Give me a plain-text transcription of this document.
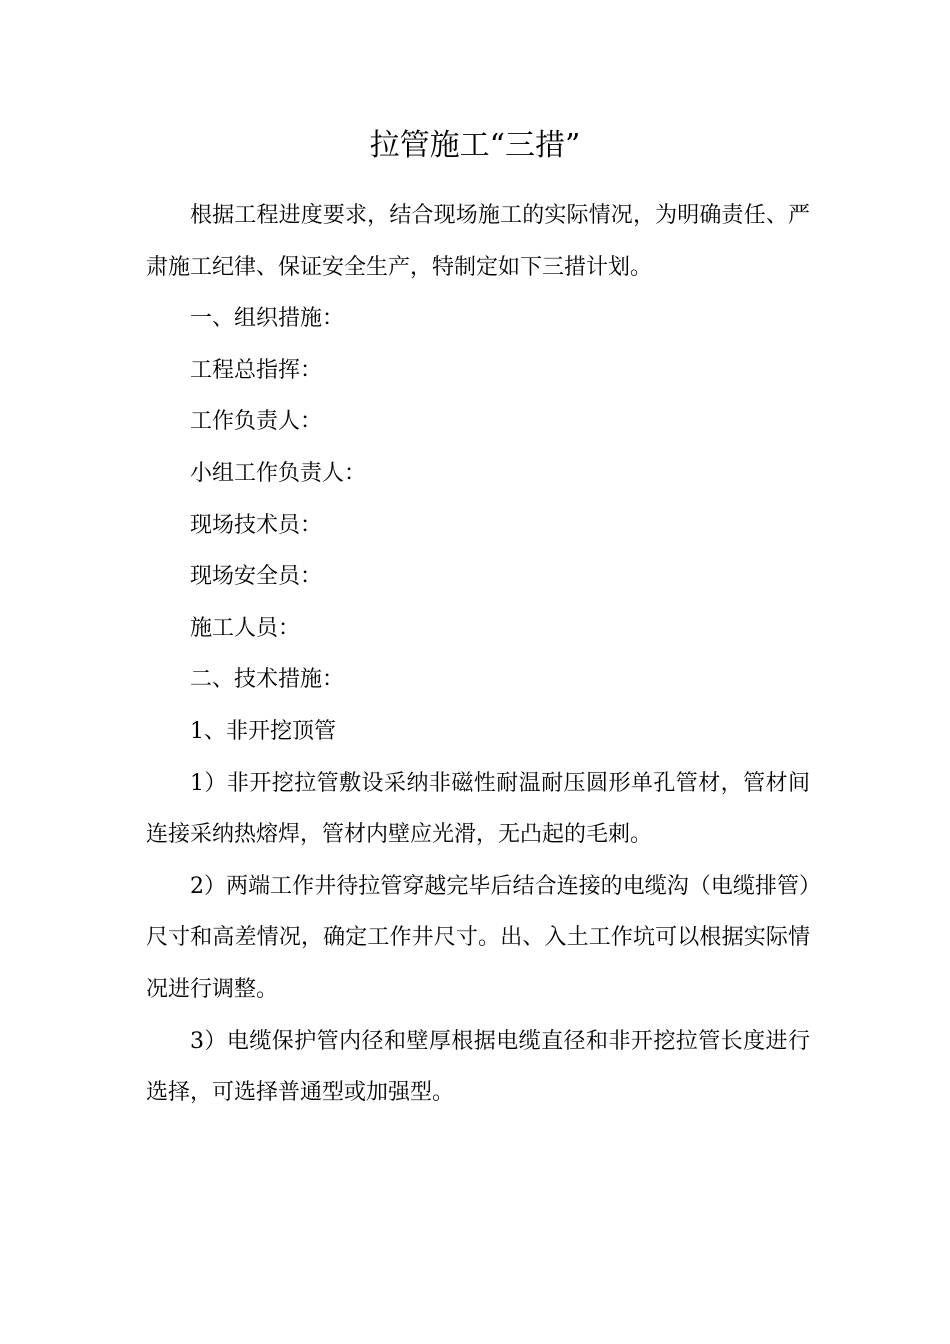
拉管施工“三措”

根据工程进度要求，结合现场施工的实际情况，为明确责任、严肃施工纪律、保证安全生产，特制定如下三措计划。

一、组织措施：

工程总指挥：

工作负责人：

小组工作负责人：

现场技术员：

现场安全员：

施工人员：

二、技术措施：

1、非开挖顶管

1）非开挖拉管敷设采纳非磁性耐温耐压圆形单孔管材，管材间连接采纳热熔焊，管材内壁应光滑，无凸起的毛刺。

2）两端工作井待拉管穿越完毕后结合连接的电缆沟（电缆排管）尺寸和高差情况，确定工作井尺寸。出、入土工作坑可以根据实际情况进行调整。

3）电缆保护管内径和壁厚根据电缆直径和非开挖拉管长度进行选择，可选择普通型或加强型。
